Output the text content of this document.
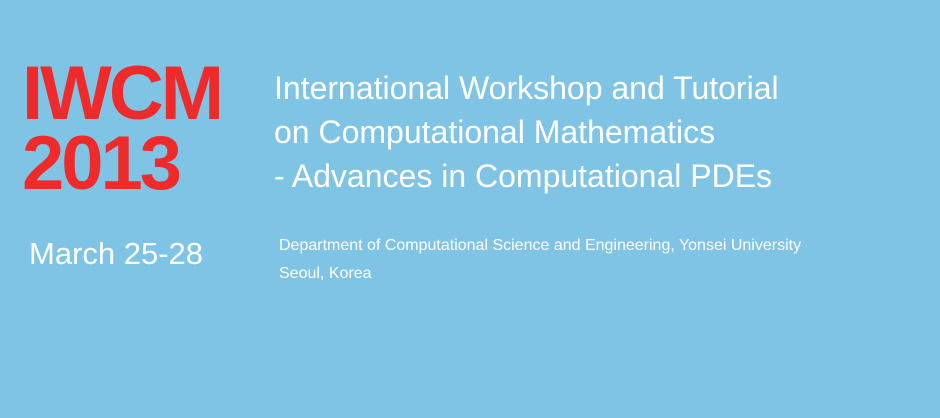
IWCM
2013
March 25-28
International Workshop and Tutorial
on Computational Mathematics
- Advances in Computational PDEs
Department of Computational Science and Engineering, Yonsei University
Seoul, Korea
